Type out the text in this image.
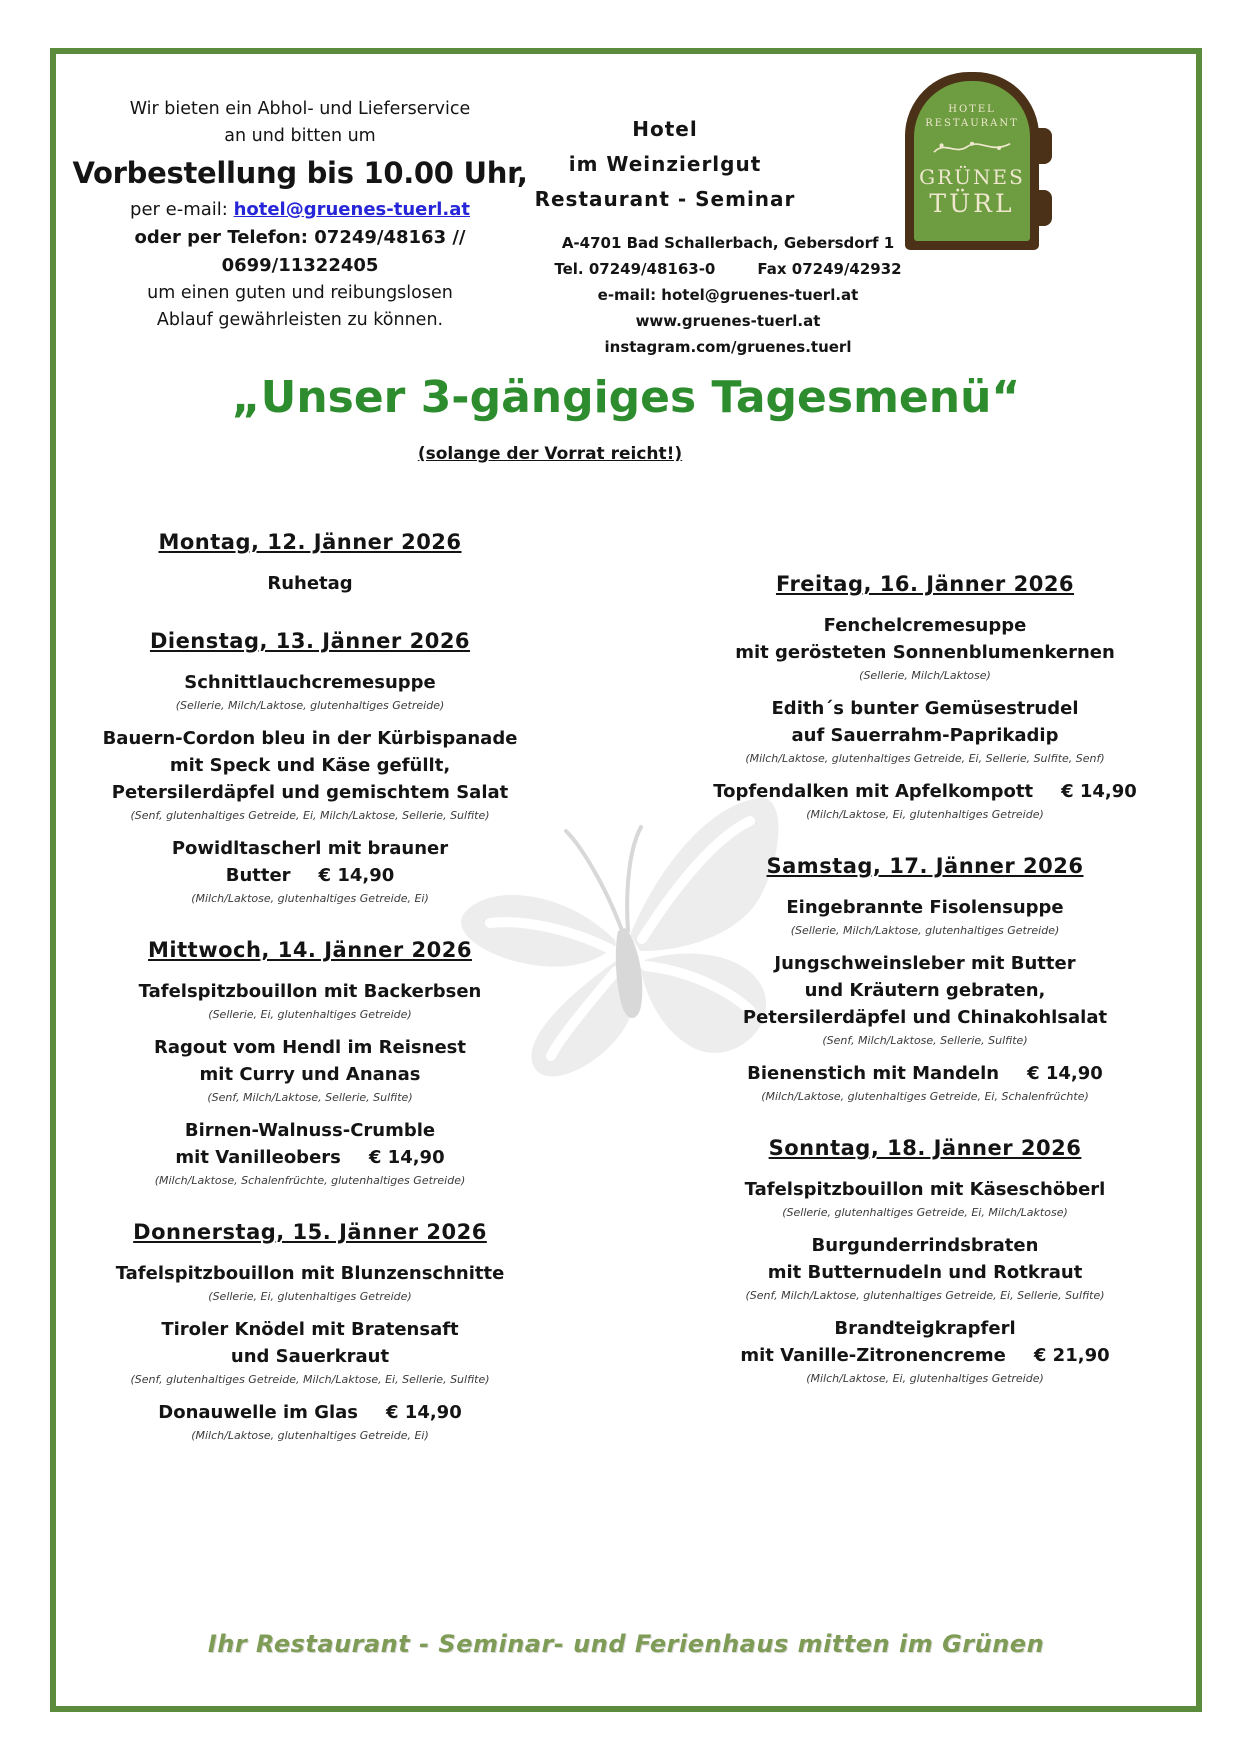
Wir bieten ein Abhol- und Lieferservice
an und bitten um
Vorbestellung bis 10.00 Uhr,
per e-mail: hotel@gruenes-tuerl.at
oder per Telefon: 07249/48163 //
0699/11322405
um einen guten und reibungslosen
Ablauf gewährleisten zu können.
Hotel
im Weinzierlgut
Restaurant - Seminar
A-4701 Bad Schallerbach, Gebersdorf 1
Tel. 07249/48163-0	Fax 07249/42932
e-mail: hotel@gruenes-tuerl.at
www.gruenes-tuerl.at
instagram.com/gruenes.tuerl
HOTEL
RESTAURANT
GRÜNES
TÜRL
„Unser 3-gängiges Tagesmenü“
(solange der Vorrat reicht!)
Montag, 12. Jänner 2026
Ruhetag
Dienstag, 13. Jänner 2026
Schnittlauchcremesuppe
(Sellerie, Milch/Laktose, glutenhaltiges Getreide)
Bauern-Cordon bleu in der Kürbispanade
mit Speck und Käse gefüllt,
Petersilerdäpfel und gemischtem Salat
(Senf, glutenhaltiges Getreide, Ei, Milch/Laktose, Sellerie, Sulfite)
Powidltascherl mit brauner Butter € 14,90
(Milch/Laktose, glutenhaltiges Getreide, Ei)
Mittwoch, 14. Jänner 2026
Tafelspitzbouillon mit Backerbsen
(Sellerie, Ei, glutenhaltiges Getreide)
Ragout vom Hendl im Reisnest
mit Curry und Ananas
(Senf, Milch/Laktose, Sellerie, Sulfite)
Birnen-Walnuss-Crumble
mit Vanilleobers € 14,90
(Milch/Laktose, Schalenfrüchte, glutenhaltiges Getreide)
Donnerstag, 15. Jänner 2026
Tafelspitzbouillon mit Blunzenschnitte
(Sellerie, Ei, glutenhaltiges Getreide)
Tiroler Knödel mit Bratensaft
und Sauerkraut
(Senf, glutenhaltiges Getreide, Milch/Laktose, Ei, Sellerie, Sulfite)
Donauwelle im Glas € 14,90
(Milch/Laktose, glutenhaltiges Getreide, Ei)
Freitag, 16. Jänner 2026
Fenchelcremesuppe
mit gerösteten Sonnenblumenkernen
(Sellerie, Milch/Laktose)
Edith´s bunter Gemüsestrudel
auf Sauerrahm-Paprikadip
(Milch/Laktose, glutenhaltiges Getreide, Ei, Sellerie, Sulfite, Senf)
Topfendalken mit Apfelkompott € 14,90
(Milch/Laktose, Ei, glutenhaltiges Getreide)
Samstag, 17. Jänner 2026
Eingebrannte Fisolensuppe
(Sellerie, Milch/Laktose, glutenhaltiges Getreide)
Jungschweinsleber mit Butter
und Kräutern gebraten,
Petersilerdäpfel und Chinakohlsalat
(Senf, Milch/Laktose, Sellerie, Sulfite)
Bienenstich mit Mandeln € 14,90
(Milch/Laktose, glutenhaltiges Getreide, Ei, Schalenfrüchte)
Sonntag, 18. Jänner 2026
Tafelspitzbouillon mit Käseschöberl
(Sellerie, glutenhaltiges Getreide, Ei, Milch/Laktose)
Burgunderrindsbraten
mit Butternudeln und Rotkraut
(Senf, Milch/Laktose, glutenhaltiges Getreide, Ei, Sellerie, Sulfite)
Brandteigkrapferl
mit Vanille-Zitronencreme € 21,90
(Milch/Laktose, Ei, glutenhaltiges Getreide)
Ihr Restaurant - Seminar- und Ferienhaus mitten im Grünen
